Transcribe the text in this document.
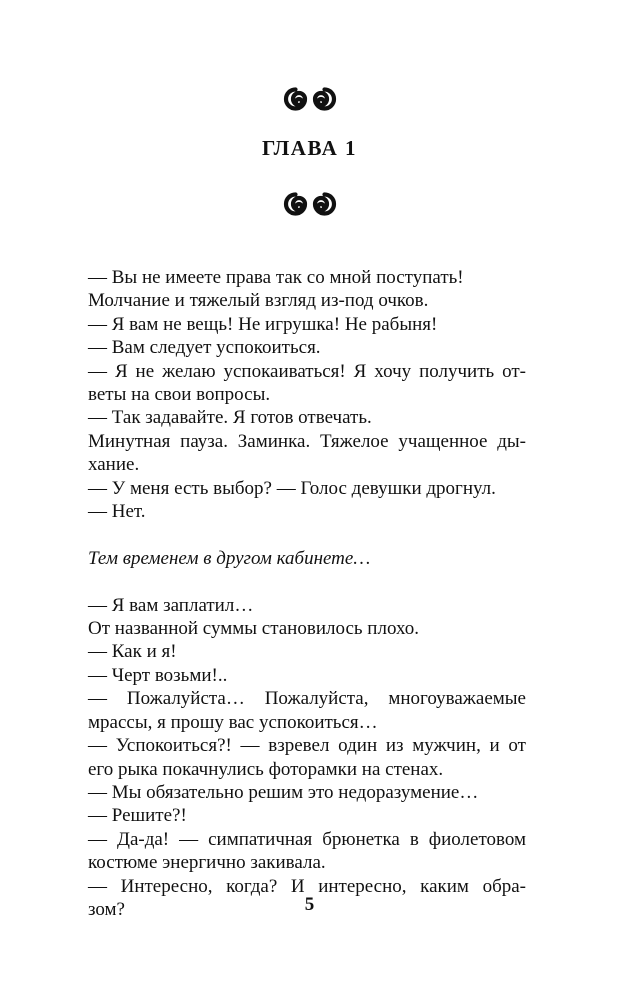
ГЛАВА 1
— Вы не имеете права так со мной поступать!
Молчание и тяжелый взгляд из-под очков.
— Я вам не вещь! Не игрушка! Не рабыня!
— Вам следует успокоиться.
— Я не желаю успокаиваться! Я хочу получить от-
веты на свои вопросы.
— Так задавайте. Я готов отвечать.
Минутная пауза. Заминка. Тяжелое учащенное ды-
хание.
— У меня есть выбор? — Голос девушки дрогнул.
— Нет.
Тем временем в другом кабинете…
— Я вам заплатил…
От названной суммы становилось плохо.
— Как и я!
— Черт возьми!..
— Пожалуйста… Пожалуйста, многоуважаемые
мрассы, я прошу вас успокоиться…
— Успокоиться?! — взревел один из мужчин, и от
его рыка покачнулись фоторамки на стенах.
— Мы обязательно решим это недоразумение…
— Решите?!
— Да-да! — симпатичная брюнетка в фиолетовом
костюме энергично закивала.
— Интересно, когда? И интересно, каким обра-
зом?	5
